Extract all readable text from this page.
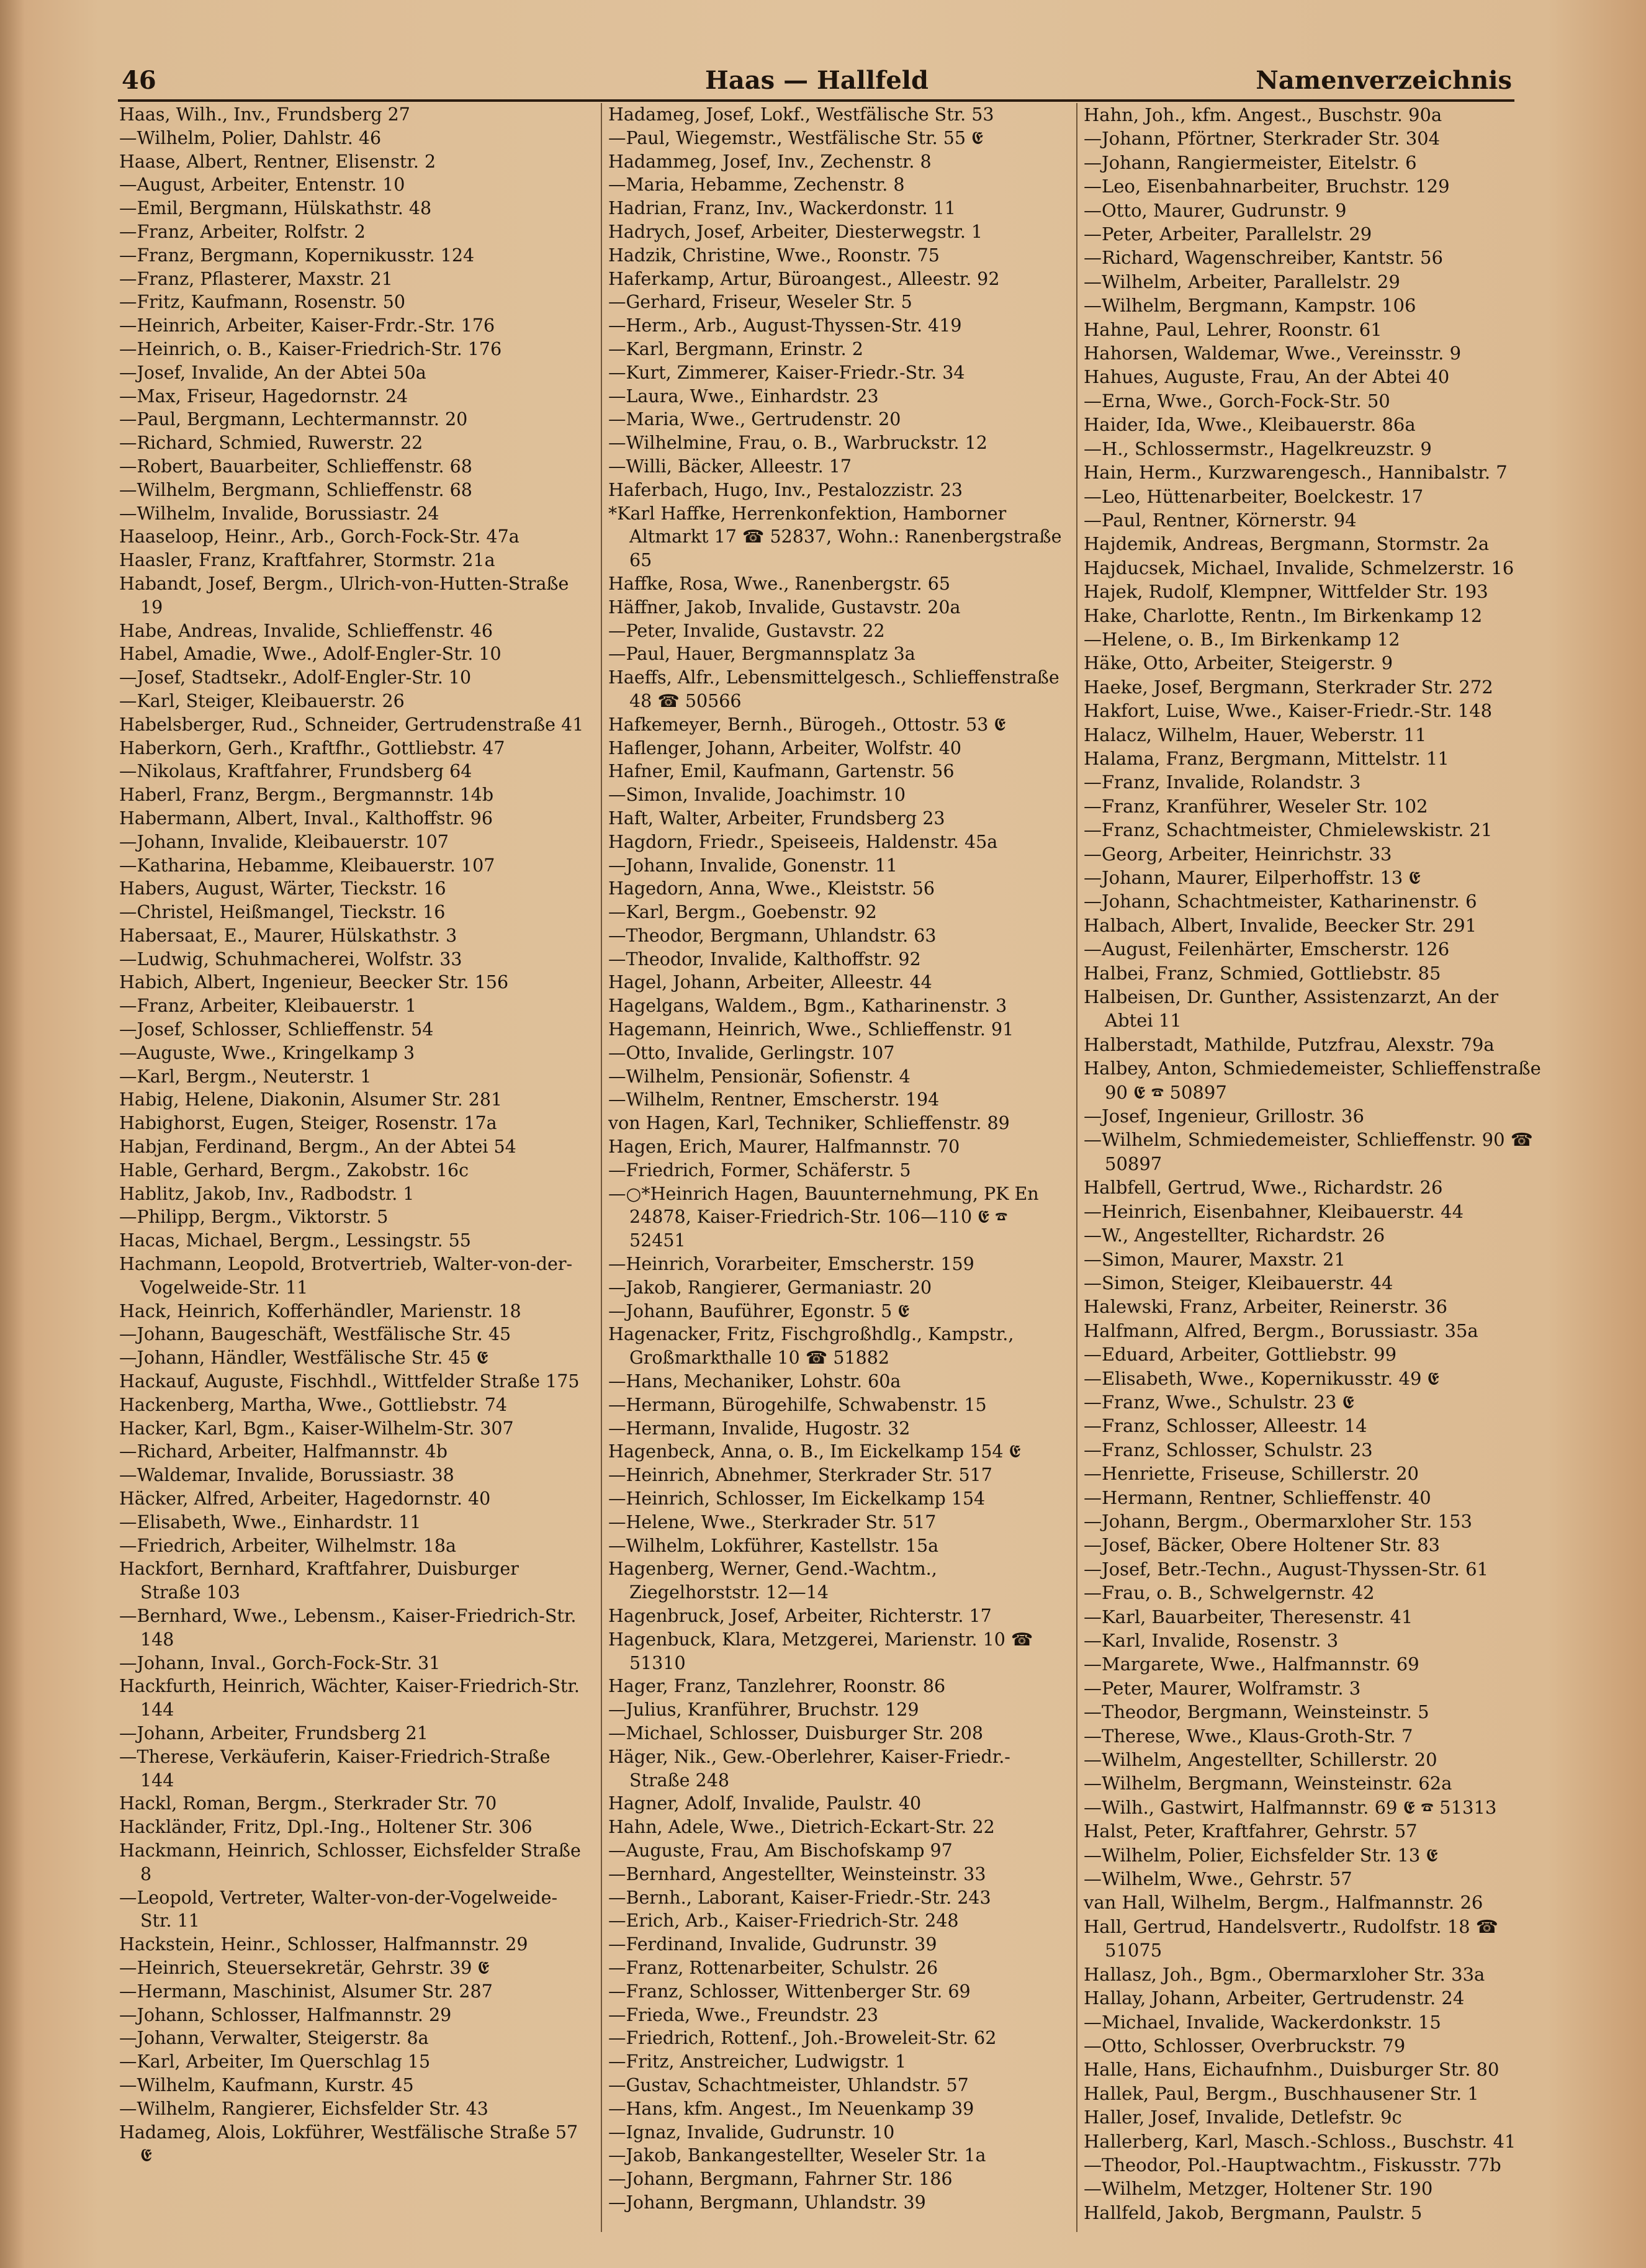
Haas — Hallfeld
46	Namenverzeichnis

Haas, Wilh., Inv., Frundsberg 27

—Wilhelm, Polier, Dahlstr. 46

Haase, Albert, Rentner, Elisenstr. 2

—August, Arbeiter, Entenstr. 10

—Emil, Bergmann, Hülskathstr. 48

—Franz, Arbeiter, Rolfstr. 2

—Franz, Bergmann, Kopernikusstr. 124

—Franz, Pflasterer, Maxstr. 21

—Fritz, Kaufmann, Rosenstr. 50

—Heinrich, Arbeiter, Kaiser-Frdr.-Str. 176

—Heinrich, o. B., Kaiser-Friedrich-Str. 176

—Josef, Invalide, An der Abtei 50a

—Max, Friseur, Hagedornstr. 24

—Paul, Bergmann, Lechtermannstr. 20

—Richard, Schmied, Ruwerstr. 22

—Robert, Bauarbeiter, Schlieffenstr. 68

—Wilhelm, Bergmann, Schlieffenstr. 68

—Wilhelm, Invalide, Borussiastr. 24

Haaseloop, Heinr., Arb., Gorch-Fock-Str. 47a

Haasler, Franz, Kraftfahrer, Stormstr. 21a

Habandt, Josef, Bergm., Ulrich-von-Hutten-Straße 19

Habe, Andreas, Invalide, Schlieffenstr. 46

Habel, Amadie, Wwe., Adolf-Engler-Str. 10

—Josef, Stadtsekr., Adolf-Engler-Str. 10

—Karl, Steiger, Kleibauerstr. 26

Habelsberger, Rud., Schneider, Gertrudenstraße 41

Haberkorn, Gerh., Kraftfhr., Gottliebstr. 47

—Nikolaus, Kraftfahrer, Frundsberg 64

Haberl, Franz, Bergm., Bergmannstr. 14b

Habermann, Albert, Inval., Kalthoffstr. 96

—Johann, Invalide, Kleibauerstr. 107

—Katharina, Hebamme, Kleibauerstr. 107

Habers, August, Wärter, Tieckstr. 16

—Christel, Heißmangel, Tieckstr. 16

Habersaat, E., Maurer, Hülskathstr. 3

—Ludwig, Schuhmacherei, Wolfstr. 33

Habich, Albert, Ingenieur, Beecker Str. 156

—Franz, Arbeiter, Kleibauerstr. 1

—Josef, Schlosser, Schlieffenstr. 54

—Auguste, Wwe., Kringelkamp 3

—Karl, Bergm., Neuterstr. 1

Habig, Helene, Diakonin, Alsumer Str. 281

Habighorst, Eugen, Steiger, Rosenstr. 17a

Habjan, Ferdinand, Bergm., An der Abtei 54

Hable, Gerhard, Bergm., Zakobstr. 16c

Hablitz, Jakob, Inv., Radbodstr. 1

—Philipp, Bergm., Viktorstr. 5

Hacas, Michael, Bergm., Lessingstr. 55

Hachmann, Leopold, Brotvertrieb, Walter-von-der-Vogelweide-Str. 11

Hack, Heinrich, Kofferhändler, Marienstr. 18

—Johann, Baugeschäft, Westfälische Str. 45

—Johann, Händler, Westfälische Str. 45 𝕰

Hackauf, Auguste, Fischhdl., Wittfelder Straße 175

Hackenberg, Martha, Wwe., Gottliebstr. 74

Hacker, Karl, Bgm., Kaiser-Wilhelm-Str. 307

—Richard, Arbeiter, Halfmannstr. 4b

—Waldemar, Invalide, Borussiastr. 38

Häcker, Alfred, Arbeiter, Hagedornstr. 40

—Elisabeth, Wwe., Einhardstr. 11

—Friedrich, Arbeiter, Wilhelmstr. 18a

Hackfort, Bernhard, Kraftfahrer, Duisburger Straße 103

—Bernhard, Wwe., Lebensm., Kaiser-Friedrich-Str. 148

—Johann, Inval., Gorch-Fock-Str. 31

Hackfurth, Heinrich, Wächter, Kaiser-Friedrich-Str. 144

—Johann, Arbeiter, Frundsberg 21

—Therese, Verkäuferin, Kaiser-Friedrich-Straße 144

Hackl, Roman, Bergm., Sterkrader Str. 70

Hackländer, Fritz, Dpl.-Ing., Holtener Str. 306

Hackmann, Heinrich, Schlosser, Eichsfelder Straße 8

—Leopold, Vertreter, Walter-von-der-Vogelweide-Str. 11

Hackstein, Heinr., Schlosser, Halfmannstr. 29

—Heinrich, Steuersekretär, Gehrstr. 39 𝕰

—Hermann, Maschinist, Alsumer Str. 287

—Johann, Schlosser, Halfmannstr. 29

—Johann, Verwalter, Steigerstr. 8a

—Karl, Arbeiter, Im Querschlag 15

—Wilhelm, Kaufmann, Kurstr. 45

—Wilhelm, Rangierer, Eichsfelder Str. 43

Hadameg, Alois, Lokführer, Westfälische Straße 57 𝕰

Hadameg, Josef, Lokf., Westfälische Str. 53

—Paul, Wiegemstr., Westfälische Str. 55 𝕰

Hadammeg, Josef, Inv., Zechenstr. 8

—Maria, Hebamme, Zechenstr. 8

Hadrian, Franz, Inv., Wackerdonstr. 11

Hadrych, Josef, Arbeiter, Diesterwegstr. 1

Hadzik, Christine, Wwe., Roonstr. 75

Haferkamp, Artur, Büroangest., Alleestr. 92

—Gerhard, Friseur, Weseler Str. 5

—Herm., Arb., August-Thyssen-Str. 419

—Karl, Bergmann, Erinstr. 2

—Kurt, Zimmerer, Kaiser-Friedr.-Str. 34

—Laura, Wwe., Einhardstr. 23

—Maria, Wwe., Gertrudenstr. 20

—Wilhelmine, Frau, o. B., Warbruckstr. 12

—Willi, Bäcker, Alleestr. 17

Haferbach, Hugo, Inv., Pestalozzistr. 23

*Karl Haffke, Herrenkonfektion, Hamborner Altmarkt 17 ☎ 52837, Wohn.: Ranenbergstraße 65

Haffke, Rosa, Wwe., Ranenbergstr. 65

Häffner, Jakob, Invalide, Gustavstr. 20a

—Peter, Invalide, Gustavstr. 22

—Paul, Hauer, Bergmannsplatz 3a

Haeffs, Alfr., Lebensmittelgesch., Schlieffenstraße 48 ☎ 50566

Hafkemeyer, Bernh., Bürogeh., Ottostr. 53 𝕰

Haflenger, Johann, Arbeiter, Wolfstr. 40

Hafner, Emil, Kaufmann, Gartenstr. 56

—Simon, Invalide, Joachimstr. 10

Haft, Walter, Arbeiter, Frundsberg 23

Hagdorn, Friedr., Speiseeis, Haldenstr. 45a

—Johann, Invalide, Gonenstr. 11

Hagedorn, Anna, Wwe., Kleiststr. 56

—Karl, Bergm., Goebenstr. 92

—Theodor, Bergmann, Uhlandstr. 63

—Theodor, Invalide, Kalthoffstr. 92

Hagel, Johann, Arbeiter, Alleestr. 44

Hagelgans, Waldem., Bgm., Katharinenstr. 3

Hagemann, Heinrich, Wwe., Schlieffenstr. 91

—Otto, Invalide, Gerlingstr. 107

—Wilhelm, Pensionär, Sofienstr. 4

—Wilhelm, Rentner, Emscherstr. 194

von Hagen, Karl, Techniker, Schlieffenstr. 89

Hagen, Erich, Maurer, Halfmannstr. 70

—Friedrich, Former, Schäferstr. 5

—○*Heinrich Hagen, Bauunternehmung, PK En 24878, Kaiser-Friedrich-Str. 106—110 𝕰 ☎ 52451

—Heinrich, Vorarbeiter, Emscherstr. 159

—Jakob, Rangierer, Germaniastr. 20

—Johann, Bauführer, Egonstr. 5 𝕰

Hagenacker, Fritz, Fischgroßhdlg., Kampstr., Großmarkthalle 10 ☎ 51882

—Hans, Mechaniker, Lohstr. 60a

—Hermann, Bürogehilfe, Schwabenstr. 15

—Hermann, Invalide, Hugostr. 32

Hagenbeck, Anna, o. B., Im Eickelkamp 154 𝕰

—Heinrich, Abnehmer, Sterkrader Str. 517

—Heinrich, Schlosser, Im Eickelkamp 154

—Helene, Wwe., Sterkrader Str. 517

—Wilhelm, Lokführer, Kastellstr. 15a

Hagenberg, Werner, Gend.-Wachtm., Ziegelhorststr. 12—14

Hagenbruck, Josef, Arbeiter, Richterstr. 17

Hagenbuck, Klara, Metzgerei, Marienstr. 10 ☎ 51310

Hager, Franz, Tanzlehrer, Roonstr. 86

—Julius, Kranführer, Bruchstr. 129

—Michael, Schlosser, Duisburger Str. 208

Häger, Nik., Gew.-Oberlehrer, Kaiser-Friedr.-Straße 248

Hagner, Adolf, Invalide, Paulstr. 40

Hahn, Adele, Wwe., Dietrich-Eckart-Str. 22

—Auguste, Frau, Am Bischofskamp 97

—Bernhard, Angestellter, Weinsteinstr. 33

—Bernh., Laborant, Kaiser-Friedr.-Str. 243

—Erich, Arb., Kaiser-Friedrich-Str. 248

—Ferdinand, Invalide, Gudrunstr. 39

—Franz, Rottenarbeiter, Schulstr. 26

—Franz, Schlosser, Wittenberger Str. 69

—Frieda, Wwe., Freundstr. 23

—Friedrich, Rottenf., Joh.-Broweleit-Str. 62

—Fritz, Anstreicher, Ludwigstr. 1

—Gustav, Schachtmeister, Uhlandstr. 57

—Hans, kfm. Angest., Im Neuenkamp 39

—Ignaz, Invalide, Gudrunstr. 10

—Jakob, Bankangestellter, Weseler Str. 1a

—Johann, Bergmann, Fahrner Str. 186

—Johann, Bergmann, Uhlandstr. 39

Hahn, Joh., kfm. Angest., Buschstr. 90a

—Johann, Pförtner, Sterkrader Str. 304

—Johann, Rangiermeister, Eitelstr. 6

—Leo, Eisenbahnarbeiter, Bruchstr. 129

—Otto, Maurer, Gudrunstr. 9

—Peter, Arbeiter, Parallelstr. 29

—Richard, Wagenschreiber, Kantstr. 56

—Wilhelm, Arbeiter, Parallelstr. 29

—Wilhelm, Bergmann, Kampstr. 106

Hahne, Paul, Lehrer, Roonstr. 61

Hahorsen, Waldemar, Wwe., Vereinsstr. 9

Hahues, Auguste, Frau, An der Abtei 40

—Erna, Wwe., Gorch-Fock-Str. 50

Haider, Ida, Wwe., Kleibauerstr. 86a

—H., Schlossermstr., Hagelkreuzstr. 9

Hain, Herm., Kurzwarengesch., Hannibalstr. 7

—Leo, Hüttenarbeiter, Boelckestr. 17

—Paul, Rentner, Körnerstr. 94

Hajdemik, Andreas, Bergmann, Stormstr. 2a

Hajducsek, Michael, Invalide, Schmelzerstr. 16

Hajek, Rudolf, Klempner, Wittfelder Str. 193

Hake, Charlotte, Rentn., Im Birkenkamp 12

—Helene, o. B., Im Birkenkamp 12

Häke, Otto, Arbeiter, Steigerstr. 9

Haeke, Josef, Bergmann, Sterkrader Str. 272

Hakfort, Luise, Wwe., Kaiser-Friedr.-Str. 148

Halacz, Wilhelm, Hauer, Weberstr. 11

Halama, Franz, Bergmann, Mittelstr. 11

—Franz, Invalide, Rolandstr. 3

—Franz, Kranführer, Weseler Str. 102

—Franz, Schachtmeister, Chmielewskistr. 21

—Georg, Arbeiter, Heinrichstr. 33

—Johann, Maurer, Eilperhoffstr. 13 𝕰

—Johann, Schachtmeister, Katharinenstr. 6

Halbach, Albert, Invalide, Beecker Str. 291

—August, Feilenhärter, Emscherstr. 126

Halbei, Franz, Schmied, Gottliebstr. 85

Halbeisen, Dr. Gunther, Assistenzarzt, An der Abtei 11

Halberstadt, Mathilde, Putzfrau, Alexstr. 79a

Halbey, Anton, Schmiedemeister, Schlieffenstraße 90 𝕰 ☎ 50897

—Josef, Ingenieur, Grillostr. 36

—Wilhelm, Schmiedemeister, Schlieffenstr. 90 ☎ 50897

Halbfell, Gertrud, Wwe., Richardstr. 26

—Heinrich, Eisenbahner, Kleibauerstr. 44

—W., Angestellter, Richardstr. 26

—Simon, Maurer, Maxstr. 21

—Simon, Steiger, Kleibauerstr. 44

Halewski, Franz, Arbeiter, Reinerstr. 36

Halfmann, Alfred, Bergm., Borussiastr. 35a

—Eduard, Arbeiter, Gottliebstr. 99

—Elisabeth, Wwe., Kopernikusstr. 49 𝕰

—Franz, Wwe., Schulstr. 23 𝕰

—Franz, Schlosser, Alleestr. 14

—Franz, Schlosser, Schulstr. 23

—Henriette, Friseuse, Schillerstr. 20

—Hermann, Rentner, Schlieffenstr. 40

—Johann, Bergm., Obermarxloher Str. 153

—Josef, Bäcker, Obere Holtener Str. 83

—Josef, Betr.-Techn., August-Thyssen-Str. 61

—Frau, o. B., Schwelgernstr. 42

—Karl, Bauarbeiter, Theresenstr. 41

—Karl, Invalide, Rosenstr. 3

—Margarete, Wwe., Halfmannstr. 69

—Peter, Maurer, Wolframstr. 3

—Theodor, Bergmann, Weinsteinstr. 5

—Therese, Wwe., Klaus-Groth-Str. 7

—Wilhelm, Angestellter, Schillerstr. 20

—Wilhelm, Bergmann, Weinsteinstr. 62a

—Wilh., Gastwirt, Halfmannstr. 69 𝕰 ☎ 51313

Halst, Peter, Kraftfahrer, Gehrstr. 57

—Wilhelm, Polier, Eichsfelder Str. 13 𝕰

—Wilhelm, Wwe., Gehrstr. 57

van Hall, Wilhelm, Bergm., Halfmannstr. 26

Hall, Gertrud, Handelsvertr., Rudolfstr. 18 ☎ 51075

Hallasz, Joh., Bgm., Obermarxloher Str. 33a

Hallay, Johann, Arbeiter, Gertrudenstr. 24

—Michael, Invalide, Wackerdonkstr. 15

—Otto, Schlosser, Overbruckstr. 79

Halle, Hans, Eichaufnhm., Duisburger Str. 80

Hallek, Paul, Bergm., Buschhausener Str. 1

Haller, Josef, Invalide, Detlefstr. 9c

Hallerberg, Karl, Masch.-Schloss., Buschstr. 41

—Theodor, Pol.-Hauptwachtm., Fiskusstr. 77b

—Wilhelm, Metzger, Holtener Str. 190

Hallfeld, Jakob, Bergmann, Paulstr. 5
